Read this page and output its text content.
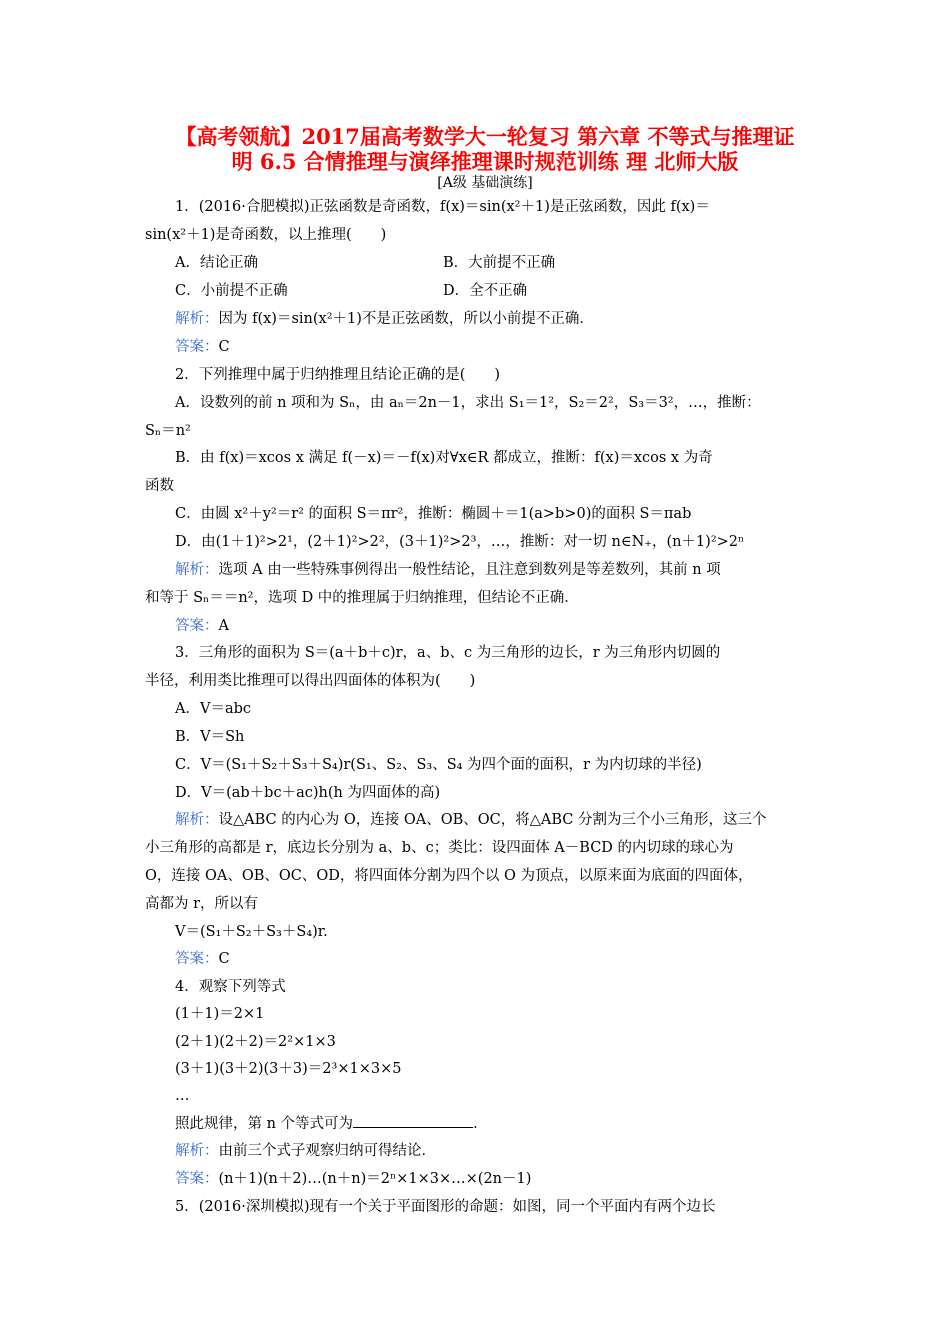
【高考领航】2017届高考数学大一轮复习 第六章 不等式与推理证
明 6.5 合情推理与演绎推理课时规范训练 理 北师大版
[A级 基础演练]
1．(2016·合肥模拟)正弦函数是奇函数，f(x)＝sin(x²＋1)是正弦函数，因此 f(x)＝
sin(x²＋1)是奇函数，以上推理(　　)
A．结论正确	B．大前提不正确
C．小前提不正确	D．全不正确
解析：因为 f(x)＝sin(x²＋1)不是正弦函数，所以小前提不正确．
答案：C
2．下列推理中属于归纳推理且结论正确的是(　　)
A．设数列的前 n 项和为 Sₙ，由 aₙ＝2n－1，求出 S₁＝1²，S₂＝2²，S₃＝3²，…，推断：
Sₙ＝n²
B．由 f(x)＝xcos x 满足 f(－x)＝－f(x)对∀x∈R 都成立，推断：f(x)＝xcos x 为奇
函数
C．由圆 x²＋y²＝r² 的面积 S＝πr²，推断：椭圆＋＝1(a>b>0)的面积 S＝πab
D．由(1＋1)²>2¹，(2＋1)²>2²，(3＋1)²>2³，…，推断：对一切 n∈N₊，(n＋1)²>2ⁿ
解析：选项 A 由一些特殊事例得出一般性结论，且注意到数列是等差数列，其前 n 项
和等于 Sₙ＝＝n²，选项 D 中的推理属于归纳推理，但结论不正确．
答案：A
3．三角形的面积为 S＝(a＋b＋c)r，a、b、c 为三角形的边长，r 为三角形内切圆的
半径，利用类比推理可以得出四面体的体积为(　　)
A．V＝abc
B．V＝Sh
C．V＝(S₁＋S₂＋S₃＋S₄)r(S₁、S₂、S₃、S₄ 为四个面的面积，r 为内切球的半径)
D．V＝(ab＋bc＋ac)h(h 为四面体的高)
解析：设△ABC 的内心为 O，连接 OA、OB、OC，将△ABC 分割为三个小三角形，这三个
小三角形的高都是 r，底边长分别为 a、b、c；类比：设四面体 A－BCD 的内切球的球心为
O，连接 OA、OB、OC、OD，将四面体分割为四个以 O 为顶点，以原来面为底面的四面体，
高都为 r，所以有
V＝(S₁＋S₂＋S₃＋S₄)r.
答案：C
4．观察下列等式
(1＋1)＝2×1
(2＋1)(2＋2)＝2²×1×3
(3＋1)(3＋2)(3＋3)＝2³×1×3×5
…
照此规律，第 n 个等式可为	．
解析：由前三个式子观察归纳可得结论．
答案：(n＋1)(n＋2)…(n＋n)＝2ⁿ×1×3×…×(2n－1)
5．(2016·深圳模拟)现有一个关于平面图形的命题：如图，同一个平面内有两个边长
